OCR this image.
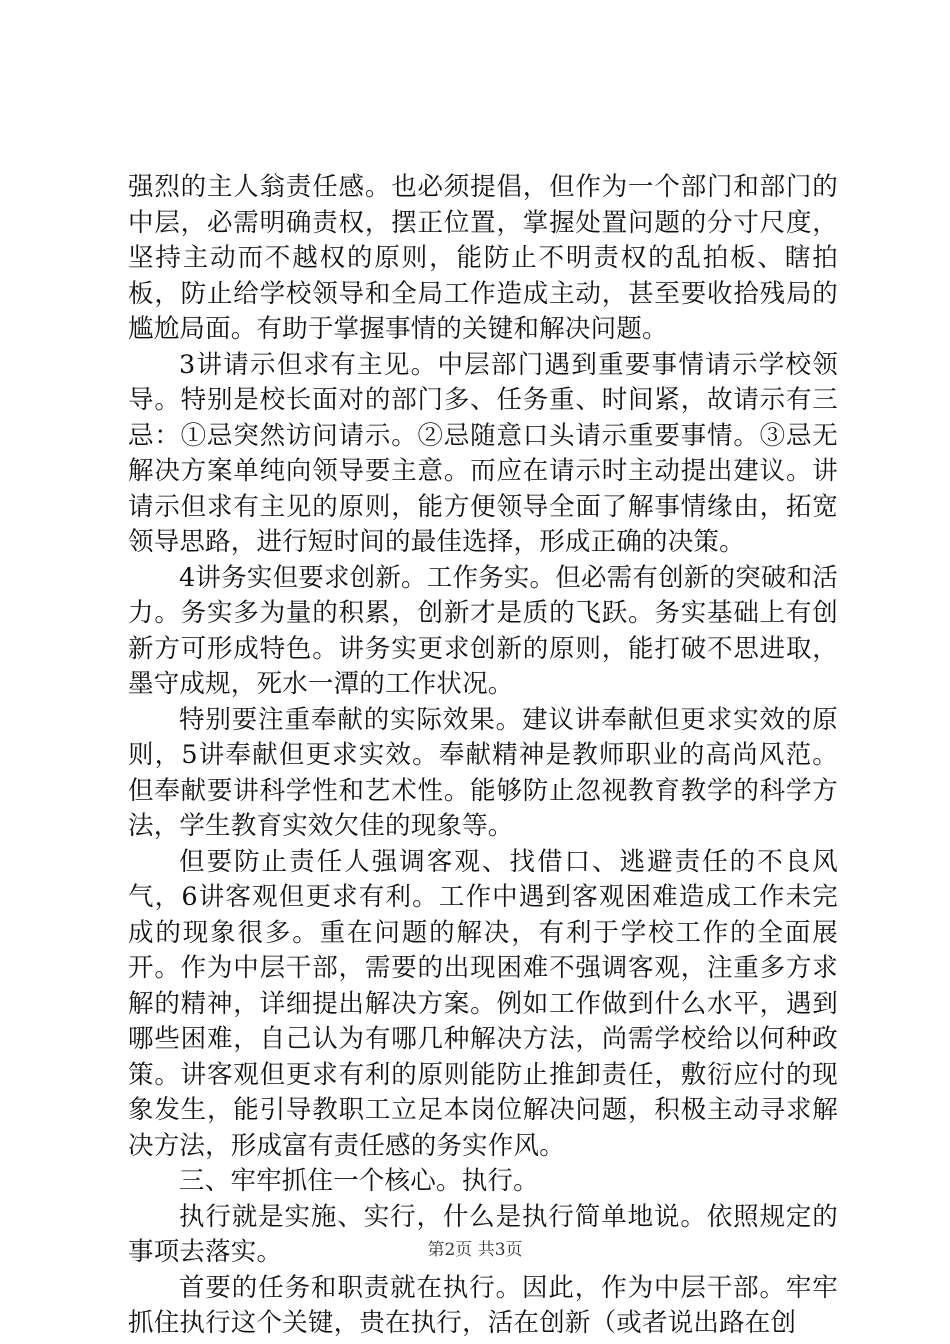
强烈的主人翁责任感。也必须提倡，但作为一个部门和部门的中层，必需明确责权，摆正位置，掌握处置问题的分寸尺度，坚持主动而不越权的原则，能防止不明责权的乱拍板、瞎拍板，防止给学校领导和全局工作造成主动，甚至要收拾残局的尴尬局面。有助于掌握事情的关键和解决问题。

3讲请示但求有主见。中层部门遇到重要事情请示学校领导。特别是校长面对的部门多、任务重、时间紧，故请示有三忌：①忌突然访问请示。②忌随意口头请示重要事情。③忌无解决方案单纯向领导要主意。而应在请示时主动提出建议。讲请示但求有主见的原则，能方便领导全面了解事情缘由，拓宽领导思路，进行短时间的最佳选择，形成正确的决策。

4讲务实但要求创新。工作务实。但必需有创新的突破和活力。务实多为量的积累，创新才是质的飞跃。务实基础上有创新方可形成特色。讲务实更求创新的原则，能打破不思进取，墨守成规，死水一潭的工作状况。

特别要注重奉献的实际效果。建议讲奉献但更求实效的原则，5讲奉献但更求实效。奉献精神是教师职业的高尚风范。但奉献要讲科学性和艺术性。能够防止忽视教育教学的科学方法，学生教育实效欠佳的现象等。

但要防止责任人强调客观、找借口、逃避责任的不良风气，6讲客观但更求有利。工作中遇到客观困难造成工作未完成的现象很多。重在问题的解决，有利于学校工作的全面展开。作为中层干部，需要的出现困难不强调客观，注重多方求解的精神，详细提出解决方案。例如工作做到什么水平，遇到哪些困难，自己认为有哪几种解决方法，尚需学校给以何种政策。讲客观但更求有利的原则能防止推卸责任，敷衍应付的现象发生，能引导教职工立足本岗位解决问题，积极主动寻求解决方法，形成富有责任感的务实作风。

三、牢牢抓住一个核心。执行。

执行就是实施、实行，什么是执行简单地说。依照规定的事项去落实。

首要的任务和职责就在执行。因此，作为中层干部。牢牢抓住执行这个关键，贵在执行，活在创新（或者说出路在创

第2页 共3页
